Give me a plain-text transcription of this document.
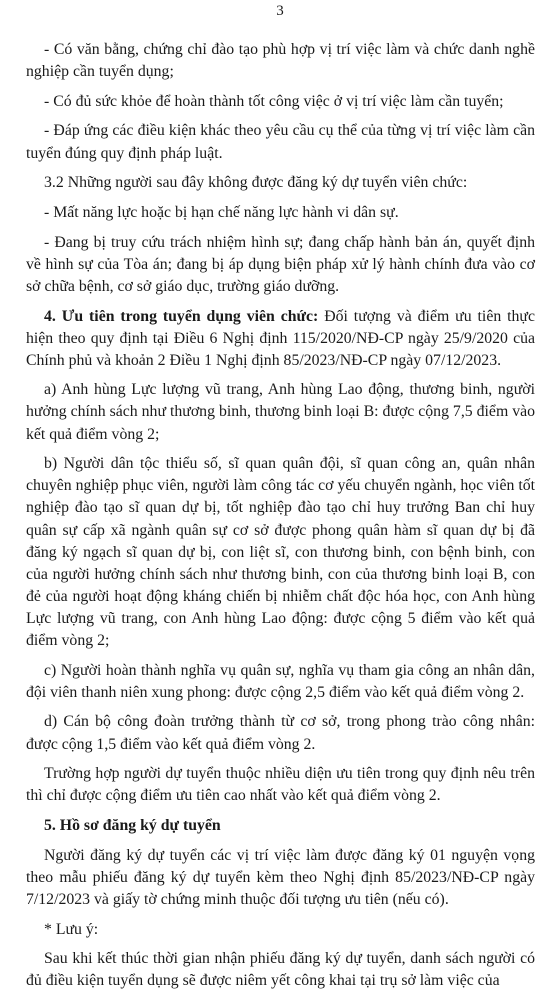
3

- Có văn bằng, chứng chỉ đào tạo phù hợp vị trí việc làm và chức danh nghề nghiệp cần tuyển dụng;

- Có đủ sức khỏe để hoàn thành tốt công việc ở vị trí việc làm cần tuyển;

- Đáp ứng các điều kiện khác theo yêu cầu cụ thể của từng vị trí việc làm cần tuyển đúng quy định pháp luật.

3.2 Những người sau đây không được đăng ký dự tuyển viên chức:

- Mất năng lực hoặc bị hạn chế năng lực hành vi dân sự.

- Đang bị truy cứu trách nhiệm hình sự; đang chấp hành bản án, quyết định về hình sự của Tòa án; đang bị áp dụng biện pháp xử lý hành chính đưa vào cơ sở chữa bệnh, cơ sở giáo dục, trường giáo dưỡng.

4. Ưu tiên trong tuyển dụng viên chức: Đối tượng và điểm ưu tiên thực hiện theo quy định tại Điều 6 Nghị định 115/2020/NĐ-CP ngày 25/9/2020 của Chính phủ và khoản 2 Điều 1 Nghị định 85/2023/NĐ-CP ngày 07/12/2023.

a) Anh hùng Lực lượng vũ trang, Anh hùng Lao động, thương binh, người hưởng chính sách như thương binh, thương binh loại B: được cộng 7,5 điểm vào kết quả điểm vòng 2;

b) Người dân tộc thiểu số, sĩ quan quân đội, sĩ quan công an, quân nhân chuyên nghiệp phục viên, người làm công tác cơ yếu chuyển ngành, học viên tốt nghiệp đào tạo sĩ quan dự bị, tốt nghiệp đào tạo chỉ huy trưởng Ban chỉ huy quân sự cấp xã ngành quân sự cơ sở được phong quân hàm sĩ quan dự bị đã đăng ký ngạch sĩ quan dự bị, con liệt sĩ, con thương binh, con bệnh binh, con của người hưởng chính sách như thương binh, con của thương binh loại B, con đẻ của người hoạt động kháng chiến bị nhiễm chất độc hóa học, con Anh hùng Lực lượng vũ trang, con Anh hùng Lao động: được cộng 5 điểm vào kết quả điểm vòng 2;

c) Người hoàn thành nghĩa vụ quân sự, nghĩa vụ tham gia công an nhân dân, đội viên thanh niên xung phong: được cộng 2,5 điểm vào kết quả điểm vòng 2.

d) Cán bộ công đoàn trưởng thành từ cơ sở, trong phong trào công nhân: được cộng 1,5 điểm vào kết quả điểm vòng 2.

Trường hợp người dự tuyển thuộc nhiều diện ưu tiên trong quy định nêu trên thì chỉ được cộng điểm ưu tiên cao nhất vào kết quả điểm vòng 2.

5. Hồ sơ đăng ký dự tuyển

Người đăng ký dự tuyển các vị trí việc làm được đăng ký 01 nguyện vọng theo mẫu phiếu đăng ký dự tuyển kèm theo Nghị định 85/2023/NĐ-CP ngày 7/12/2023 và giấy tờ chứng minh thuộc đối tượng ưu tiên (nếu có).

* Lưu ý:

Sau khi kết thúc thời gian nhận phiếu đăng ký dự tuyển, danh sách người có đủ điều kiện tuyển dụng sẽ được niêm yết công khai tại trụ sở làm việc của
